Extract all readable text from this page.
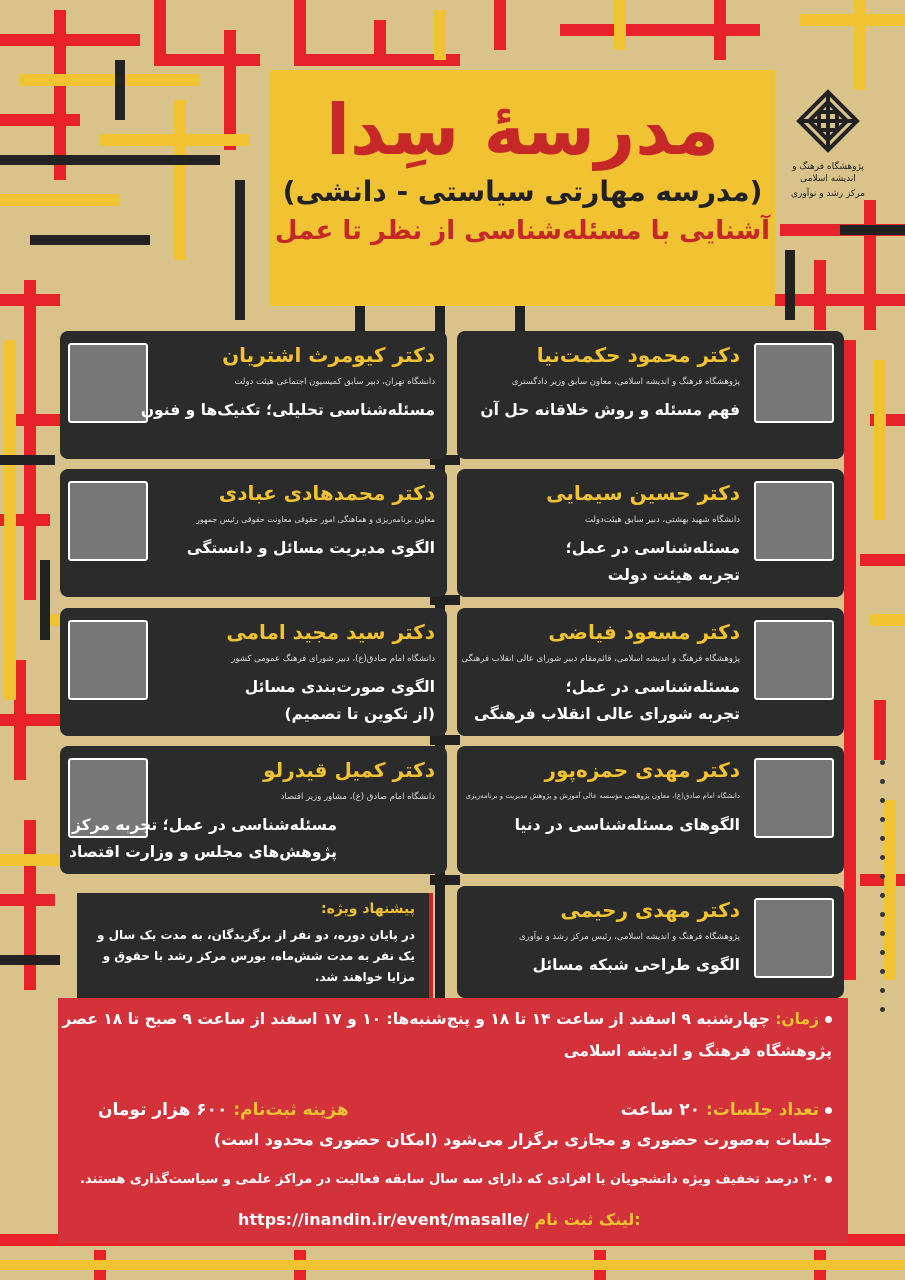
مدرسهٔ سِدا
(مدرسه مهارتی سیاستی - دانشی)
آشنایی با مسئله‌شناسی از نظر تا عمل
پژوهشگاه فرهنگ و اندیشه اسلامی
مرکز رشد و نوآوری
دکتر محمود حکمت‌نیا
پژوهشگاه فرهنگ و اندیشه اسلامی، معاون سابق وزیر دادگستری
فهم مسئله و روش خلاقانه حل آن
دکتر حسین سیمایی
دانشگاه شهید بهشتی، دبیر سابق هیئت‌دولت
مسئله‌شناسی در عمل؛
تجربه هیئت دولت
دکتر مسعود فیاضی
پژوهشگاه فرهنگ و اندیشه اسلامی، قائم‌مقام دبیر شورای عالی انقلاب فرهنگی
مسئله‌شناسی در عمل؛
تجربه شورای عالی انقلاب فرهنگی
دکتر مهدی حمزه‌پور
دانشگاه امام صادق(ع)، معاون پژوهشی مؤسسه عالی آموزش و پژوهش مدیریت و برنامه‌ریزی
الگوهای مسئله‌شناسی در دنیا
دکتر مهدی رحیمی
پژوهشگاه فرهنگ و اندیشه اسلامی، رئیس مرکز رشد و نوآوری
الگوی طراحی شبکه مسائل
دکتر کیومرث اشتریان
دانشگاه تهران، دبیر سابق کمیسیون اجتماعی هیئت دولت
مسئله‌شناسی تحلیلی؛ تکنیک‌ها و فنون
دکتر محمدهادی عبادی
معاون برنامه‌ریزی و هماهنگی امور حقوقی معاونت حقوقی رئیس جمهور
الگوی مدیریت مسائل و دانستگی
دکتر سید مجید امامی
دانشگاه امام صادق(ع)، دبیر شورای فرهنگ عمومی کشور
الگوی صورت‌بندی مسائل
(از تکوین تا تصمیم)
دکتر کمیل قیدرلو
دانشگاه امام صادق (ع)، مشاور وزیر اقتصاد
مسئله‌شناسی در عمل؛ تجربه مرکز
پژوهش‌های مجلس و وزارت اقتصاد
پیشنهاد ویژه:
در پایان دوره، دو نفر از برگزیدگان، به مدت یک سال و یک نفر به مدت شش‌ماه، بورس مرکز رشد با حقوق و مزایا خواهند شد.
زمان: چهارشنبه ۹ اسفند از ساعت ۱۴ تا ۱۸ و پنج‌شنبه‌ها: ۱۰ و ۱۷ اسفند از ساعت ۹ صبح تا ۱۸ عصر
پژوهشگاه فرهنگ و اندیشه اسلامی
تعداد جلسات: ۲۰ ساعت
هزینه ثبت‌نام: ۶۰۰ هزار تومان
جلسات به‌صورت حضوری و مجازی برگزار می‌شود (امکان حضوری محدود است)
۲۰ درصد تخفیف ویژه دانشجویان یا افرادی که دارای سه سال سابقه فعالیت در مراکز علمی و سیاست‌گذاری هستند.
https://inandin.ir/event/masalle/ لینک ثبت نام:
